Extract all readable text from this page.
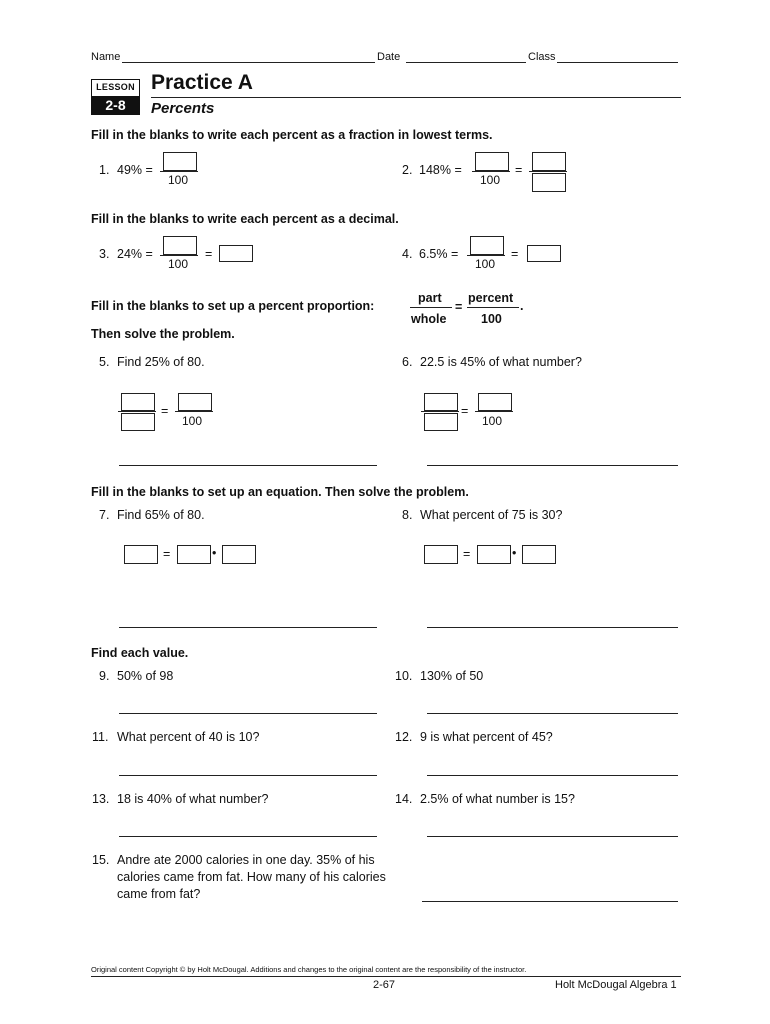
Name	Date	Class
LESSON
2-8
Practice A
Percents
Fill in the blanks to write each percent as a fraction in lowest terms.
1. 49% =
100
2. 148% =
100
=
Fill in the blanks to write each percent as a decimal.
3. 24% =
100
=	4. 6.5% =
100
=
Fill in the blanks to set up a percent proportion:
part
whole
=
percent
100
.
Then solve the problem.
5. Find 25% of 80.
=
100
6. 22.5 is 45% of what number?
=
100
Fill in the blanks to set up an equation. Then solve the problem.
7. Find 65% of 80.
=	•
8. What percent of 75 is 30?
=	•
Find each value.
9. 50% of 98	10. 130% of 50
11. What percent of 40 is 10?	12. 9 is what percent of 45?
13. 18 is 40% of what number?	14. 2.5% of what number is 15?
15. Andre ate 2000 calories in one day. 35% of his
calories came from fat. How many of his calories
came from fat?
Original content Copyright © by Holt McDougal. Additions and changes to the original content are the responsibility of the instructor.
2-67	Holt McDougal Algebra 1
